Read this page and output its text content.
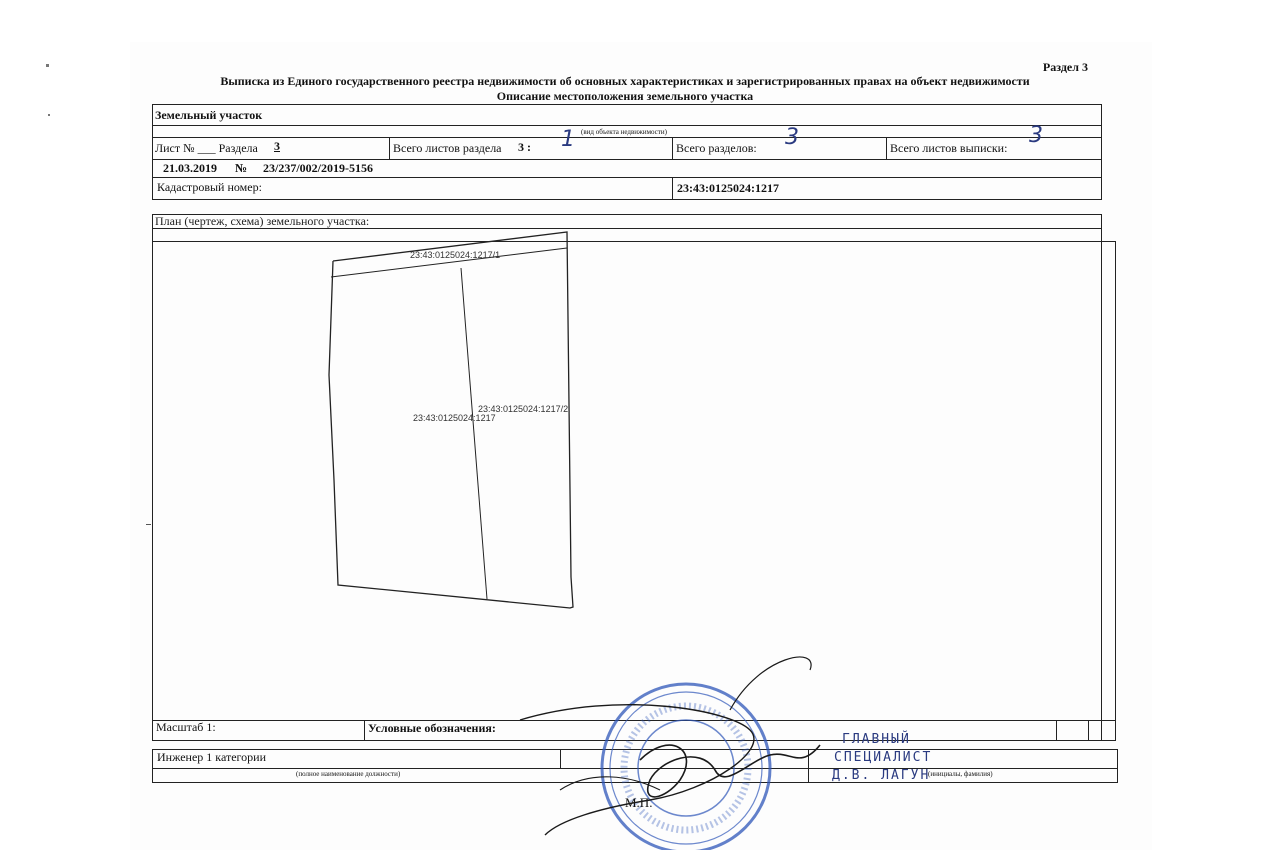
Раздел 3
Выписка из Единого государственного реестра недвижимости об основных характеристиках и зарегистрированных правах на объект недвижимости
Описание местоположения земельного участка
Земельный участок
(вид объекта недвижимости)
Лист № ___ Раздела 3	Всего листов раздела 3 : 1	Всего разделов: 3	Всего листов выписки: 3
21.03.2019 № 23/237/002/2019-5156
Кадастровый номер:	23:43:0125024:1217
План (чертеж, схема) земельного участка:
23:43:0125024:1217/1
23:43:0125024:1217/2
23:43:0125024:1217
Масштаб 1:	Условные обозначения:
Инженер 1 категории
(полное наименование должности)	(инициалы, фамилия)
ГЛАВНЫЙ
СПЕЦИАЛИСТ
Д.В. ЛАГУН
М.П.
